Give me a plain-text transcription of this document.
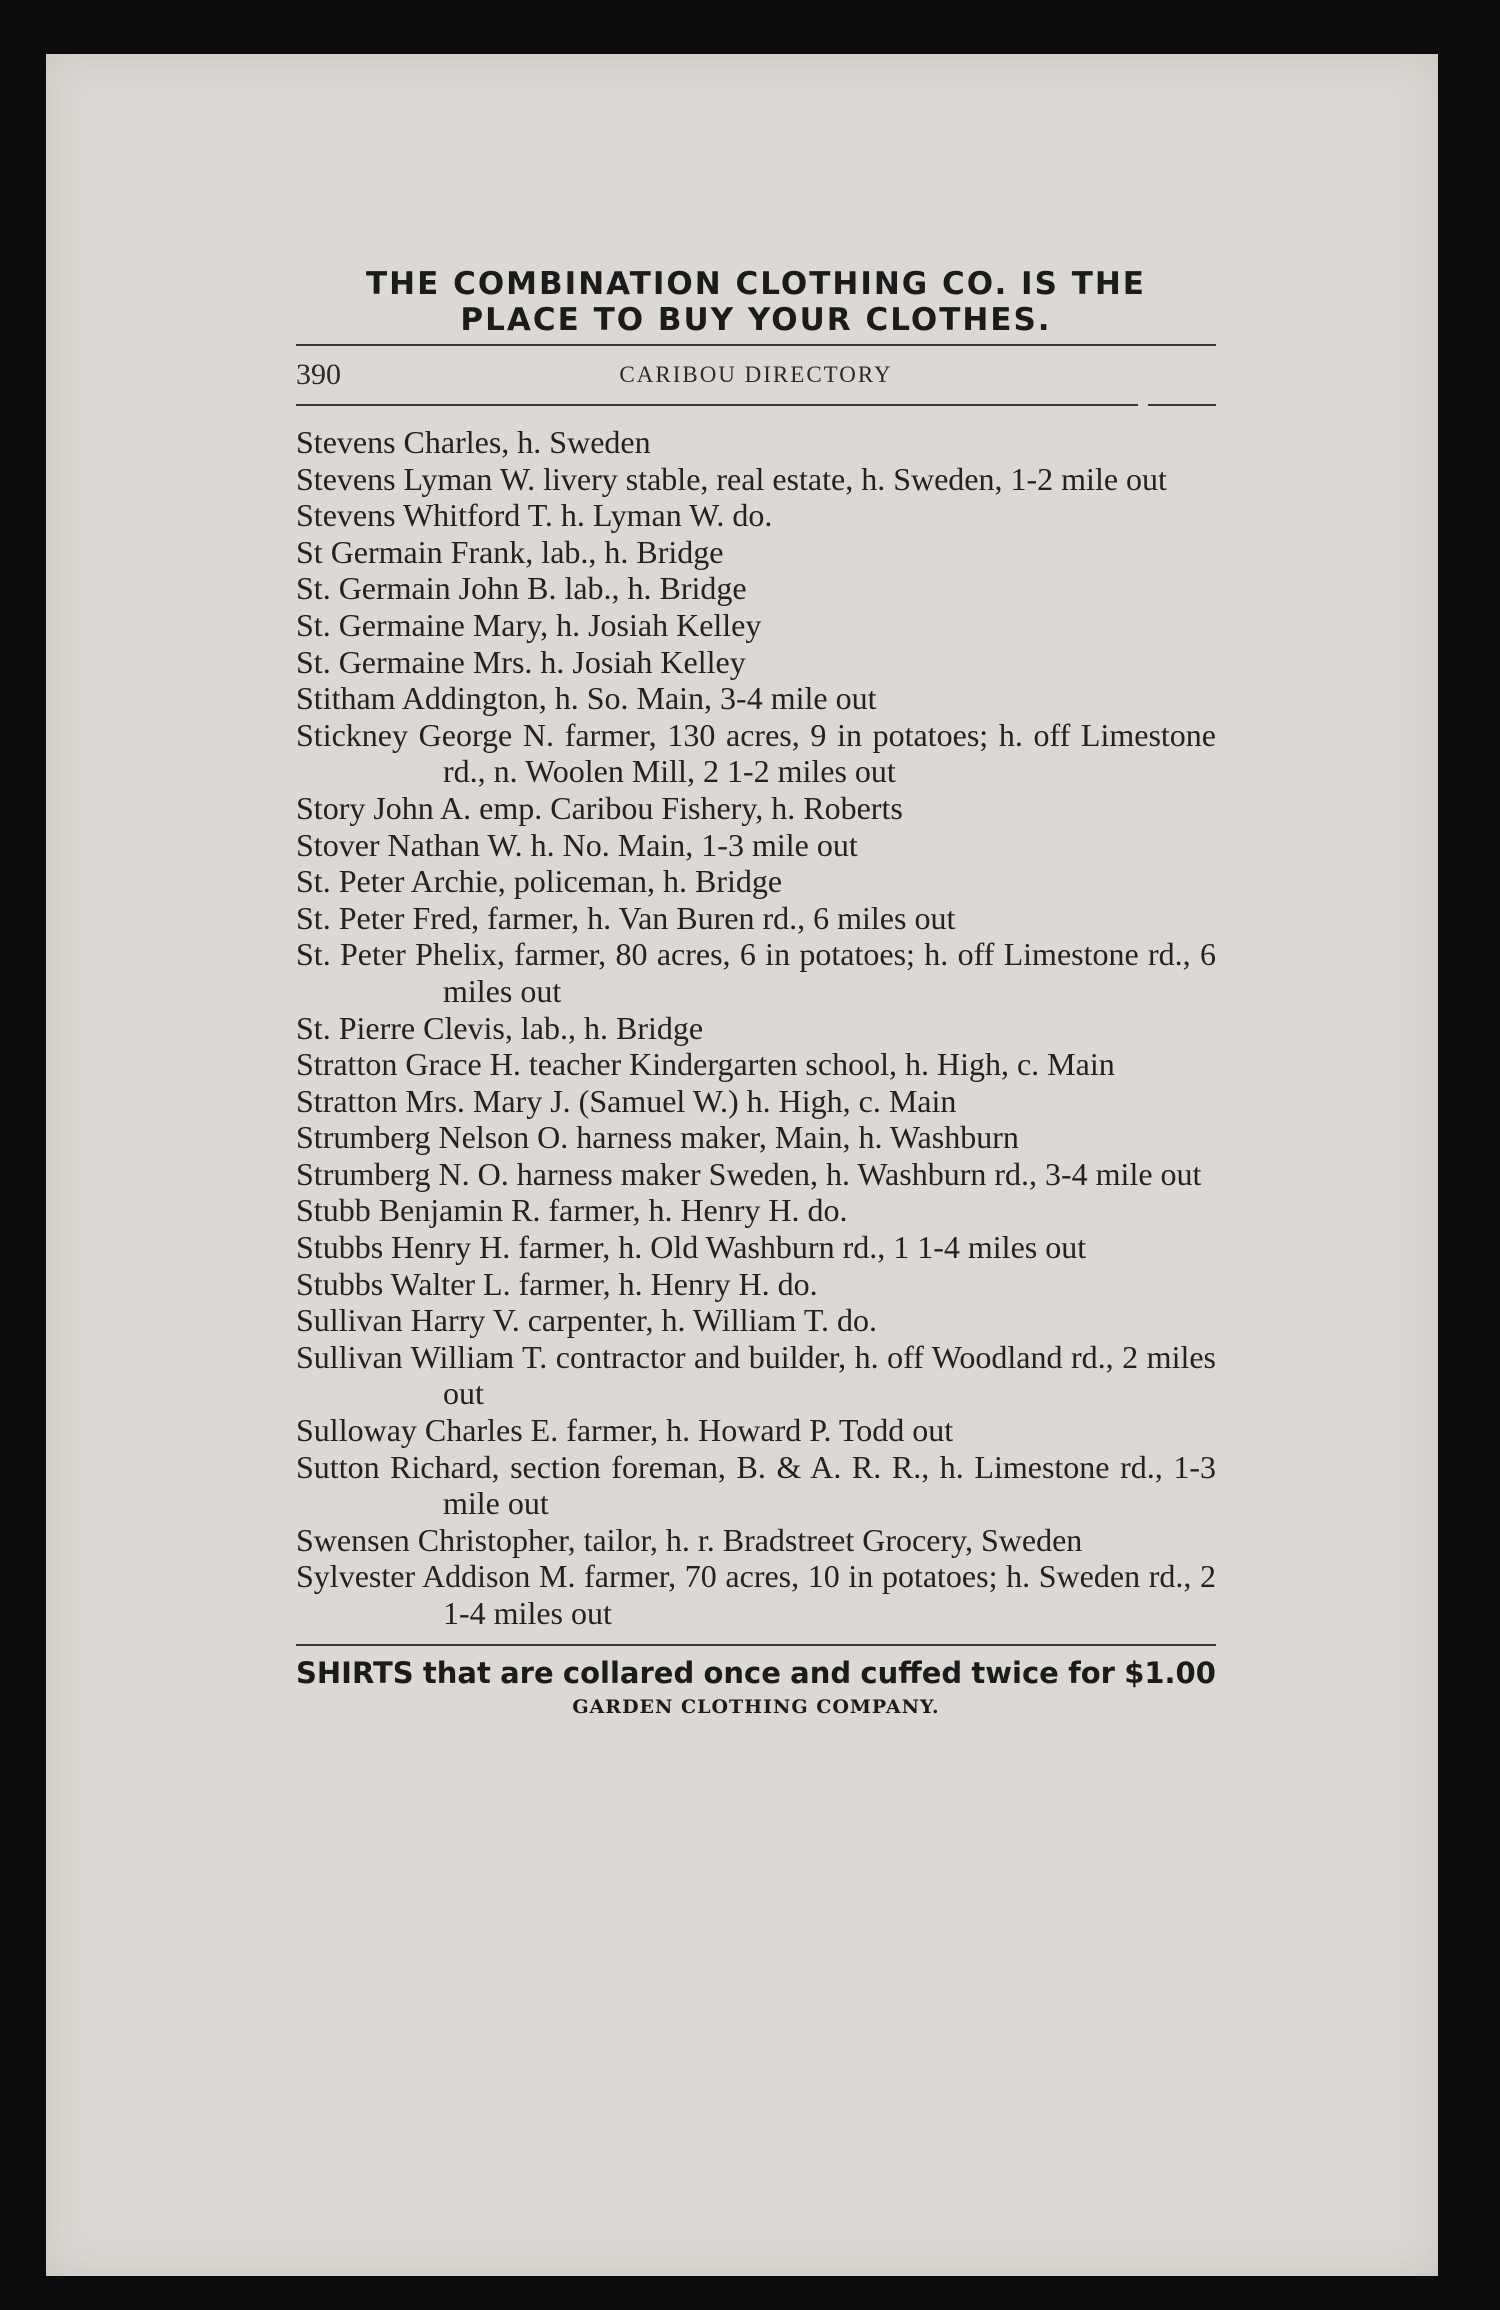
THE COMBINATION CLOTHING CO. IS THE
PLACE TO BUY YOUR CLOTHES.
390	CARIBOU DIRECTORY
Stevens Charles, h. Sweden
Stevens Lyman W. livery stable, real estate, h. Sweden, 1-2 mile out
Stevens Whitford T. h. Lyman W. do.
St Germain Frank, lab., h. Bridge
St. Germain John B. lab., h. Bridge
St. Germaine Mary, h. Josiah Kelley
St. Germaine Mrs. h. Josiah Kelley
Stitham Addington, h. So. Main, 3-4 mile out
Stickney George N. farmer, 130 acres, 9 in potatoes; h. off Limestone rd., n. Woolen Mill, 2 1-2 miles out
Story John A. emp. Caribou Fishery, h. Roberts
Stover Nathan W. h. No. Main, 1-3 mile out
St. Peter Archie, policeman, h. Bridge
St. Peter Fred, farmer, h. Van Buren rd., 6 miles out
St. Peter Phelix, farmer, 80 acres, 6 in potatoes; h. off Limestone rd., 6 miles out
St. Pierre Clevis, lab., h. Bridge
Stratton Grace H. teacher Kindergarten school, h. High, c. Main
Stratton Mrs. Mary J. (Samuel W.) h. High, c. Main
Strumberg Nelson O. harness maker, Main, h. Washburn
Strumberg N. O. harness maker Sweden, h. Washburn rd., 3-4 mile out
Stubb Benjamin R. farmer, h. Henry H. do.
Stubbs Henry H. farmer, h. Old Washburn rd., 1 1-4 miles out
Stubbs Walter L. farmer, h. Henry H. do.
Sullivan Harry V. carpenter, h. William T. do.
Sullivan William T. contractor and builder, h. off Woodland rd., 2 miles out
Sulloway Charles E. farmer, h. Howard P. Todd out
Sutton Richard, section foreman, B. & A. R. R., h. Limestone rd., 1-3 mile out
Swensen Christopher, tailor, h. r. Bradstreet Grocery, Sweden
Sylvester Addison M. farmer, 70 acres, 10 in potatoes; h. Sweden rd., 2 1-4 miles out
SHIRTS that are collared once and cuffed twice for $1.00
GARDEN CLOTHING COMPANY.
